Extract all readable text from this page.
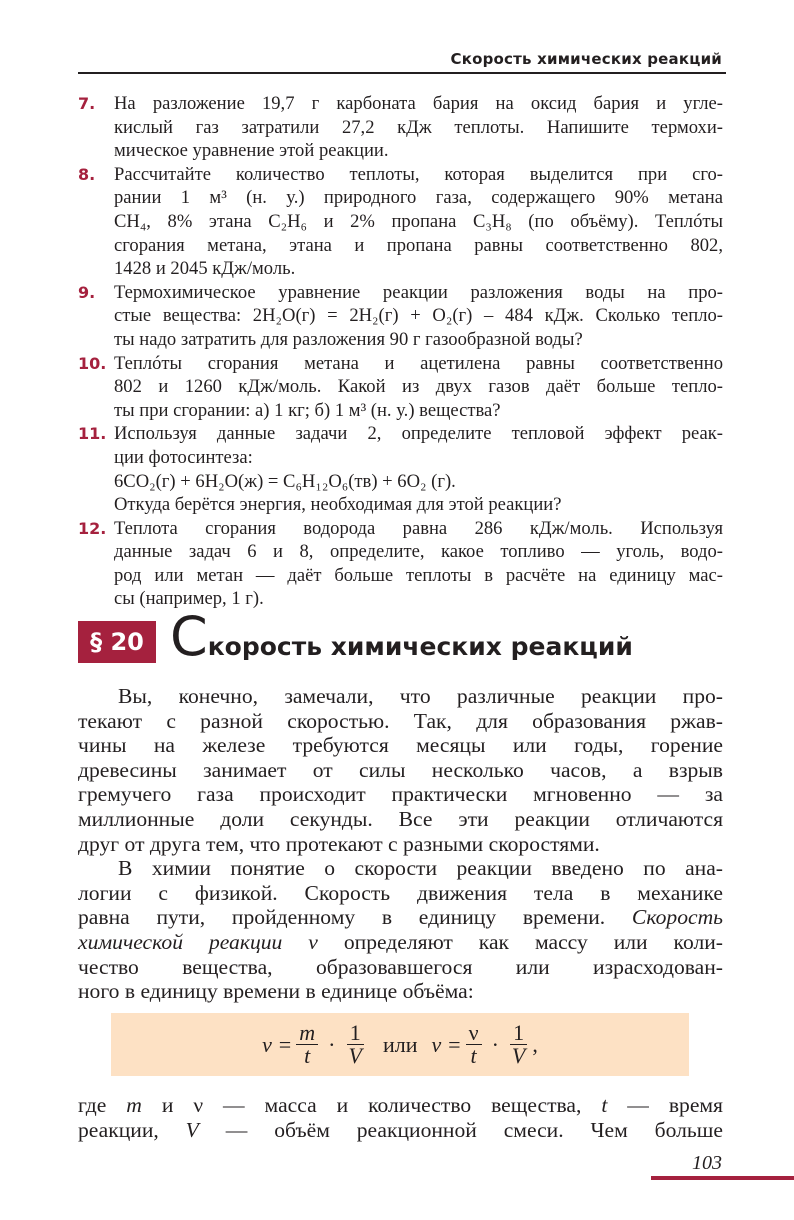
Скорость химических реакций
7.	На разложение 19,7 г карбоната бария на оксид бария и угле-
кислый газ затратили 27,2 кДж теплоты. Напишите термохи-
мическое уравнение этой реакции.
8.	Рассчитайте количество теплоты, которая выделится при сго-
рании 1 м³ (н. у.) природного газа, содержащего 90% метана
CH₄, 8% этана C₂H₆ и 2% пропана C₃H₈ (по объёму). Теплóты
сгорания метана, этана и пропана равны соответственно 802,
1428 и 2045 кДж/моль.
9.	Термохимическое уравнение реакции разложения воды на про-
стые вещества: 2H₂O(г) = 2H₂(г) + O₂(г) – 484 кДж. Сколько тепло-
ты надо затратить для разложения 90 г газообразной воды?
10. Теплóты сгорания метана и ацетилена равны соответственно
802 и 1260 кДж/моль. Какой из двух газов даёт больше тепло-
ты при сгорании: а) 1 кг; б) 1 м³ (н. у.) вещества?
11. Используя данные задачи 2, определите тепловой эффект реак-
ции фотосинтеза:
6CO₂(г) + 6H₂O(ж) = C₆H₁₂O₆(тв) + 6O₂ (г).
Откуда берётся энергия, необходимая для этой реакции?
12. Теплота сгорания водорода равна 286 кДж/моль. Используя
данные задач 6 и 8, определите, какое топливо — уголь, водо-
род или метан — даёт больше теплоты в расчёте на единицу мас-
сы (например, 1 г).
§ 20 Скорость химических реакций
Вы, конечно, замечали, что различные реакции про-
текают с разной скоростью. Так, для образования ржав-
чины на железе требуются месяцы или годы, горение
древесины занимает от силы несколько часов, а взрыв
гремучего газа происходит практически мгновенно — за
миллионные доли секунды. Все эти реакции отличаются
друг от друга тем, что протекают с разными скоростями.
В химии понятие о скорости реакции введено по ана-
логии с физикой. Скорость движения тела в механике
равна пути, пройденному в единицу времени. Скорость
химической реакции v определяют как массу или коли-
чество вещества, образовавшегося или израсходован-
ного в единицу времени в единице объёма:
$v = \frac{m}{t} \cdot \frac{1}{V}$ или $v = \frac{\nu}{t} \cdot \frac{1}{V}$ ,
где m и ν — масса и количество вещества, t — время
реакции, V — объём реакционной смеси. Чем больше
103
